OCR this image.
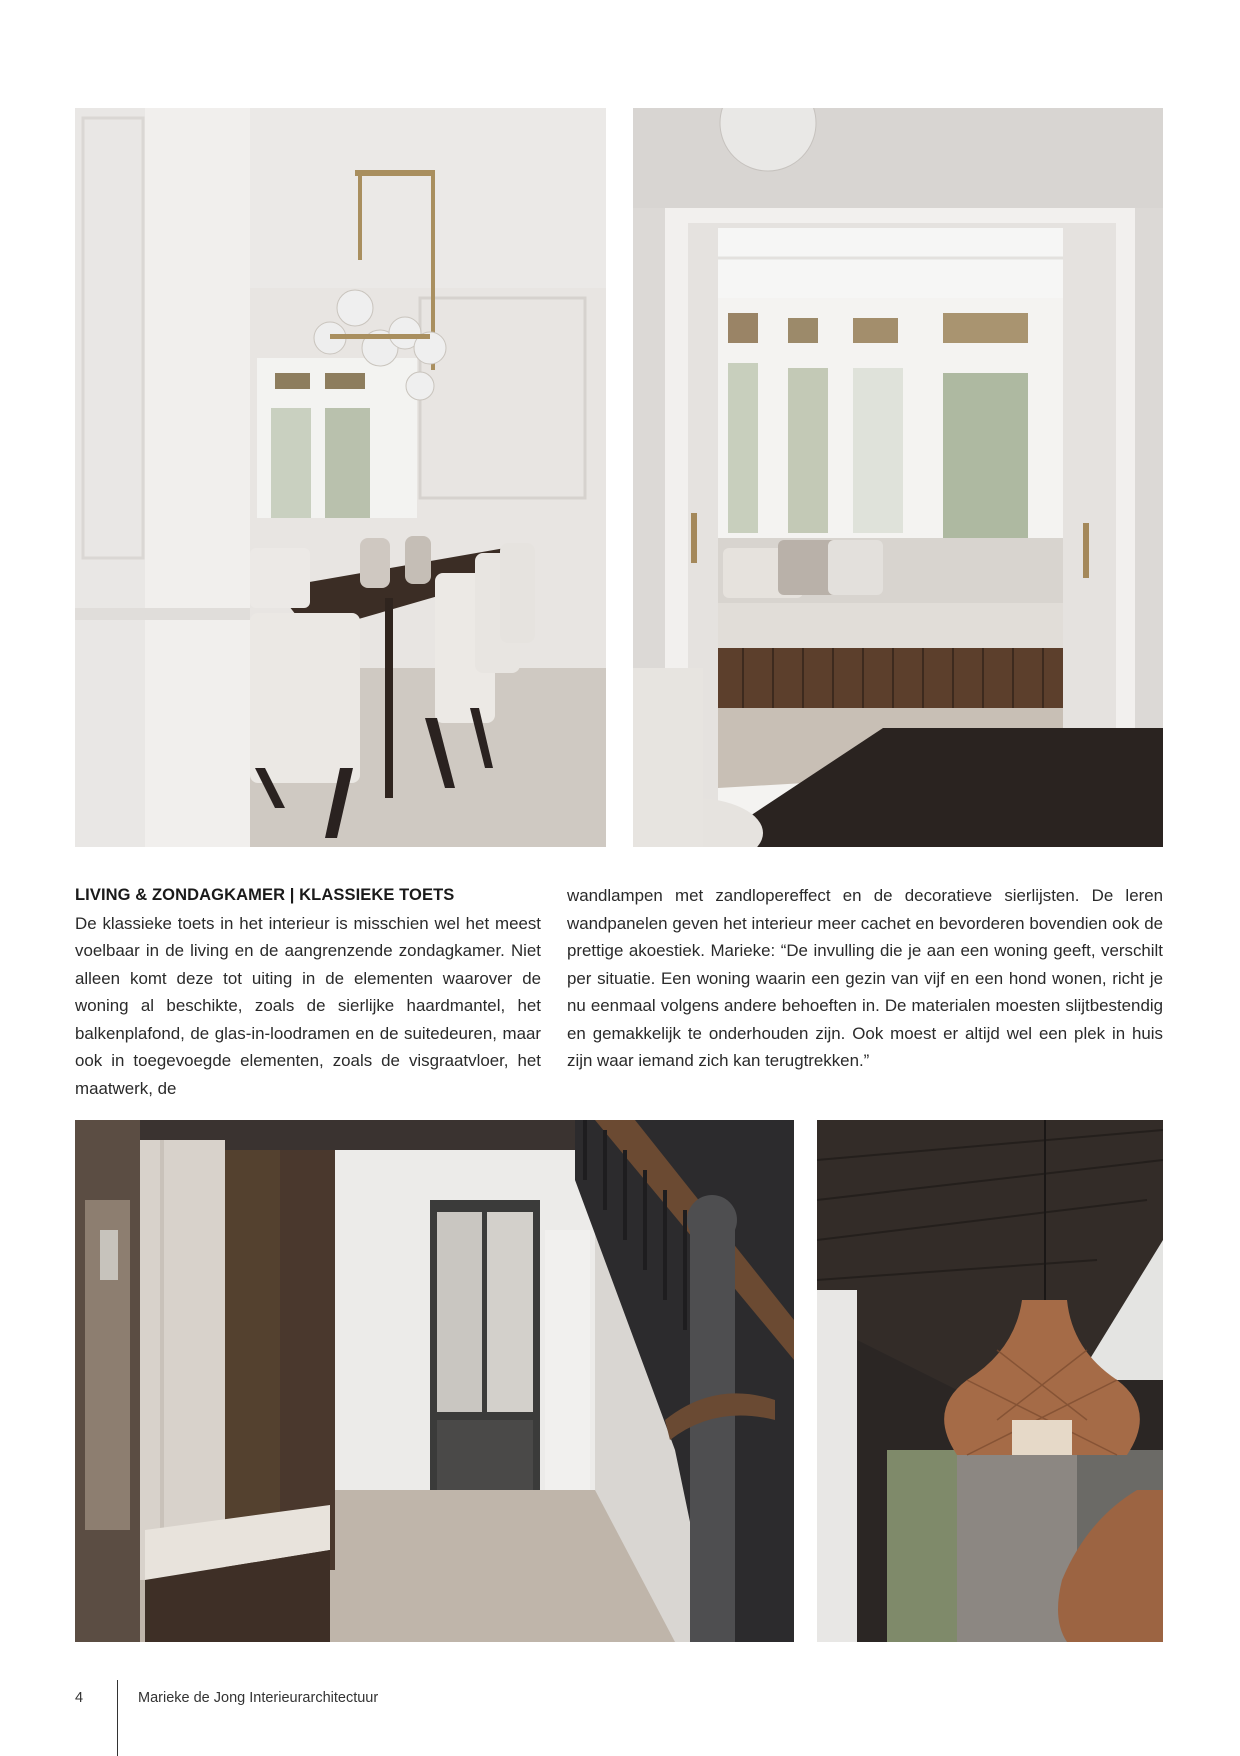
LIVING & ZONDAGKAMER | KLASSIEKE TOETS

De klassieke toets in het interieur is misschien wel het meest voelbaar in de living en de aangrenzende zondagkamer. Niet alleen komt deze tot uiting in de elementen waarover de woning al beschikte, zoals de sierlijke haardmantel, het balkenplafond, de glas-in-loodramen en de suitedeuren, maar ook in toegevoegde elementen, zoals de visgraatvloer, het maatwerk, de

wandlampen met zandlopereffect en de decoratieve sierlijsten. De leren wandpanelen geven het interieur meer cachet en bevorderen bovendien ook de prettige akoestiek. Marieke: “De invulling die je aan een woning geeft, verschilt per situatie. Een woning waarin een gezin van vijf en een hond wonen, richt je nu eenmaal volgens andere behoeften in. De materialen moesten slijtbestendig en gemakkelijk te onderhouden zijn. Ook moest er altijd wel een plek in huis zijn waar iemand zich kan terugtrekken.”

4	Marieke de Jong Interieurarchitectuur
